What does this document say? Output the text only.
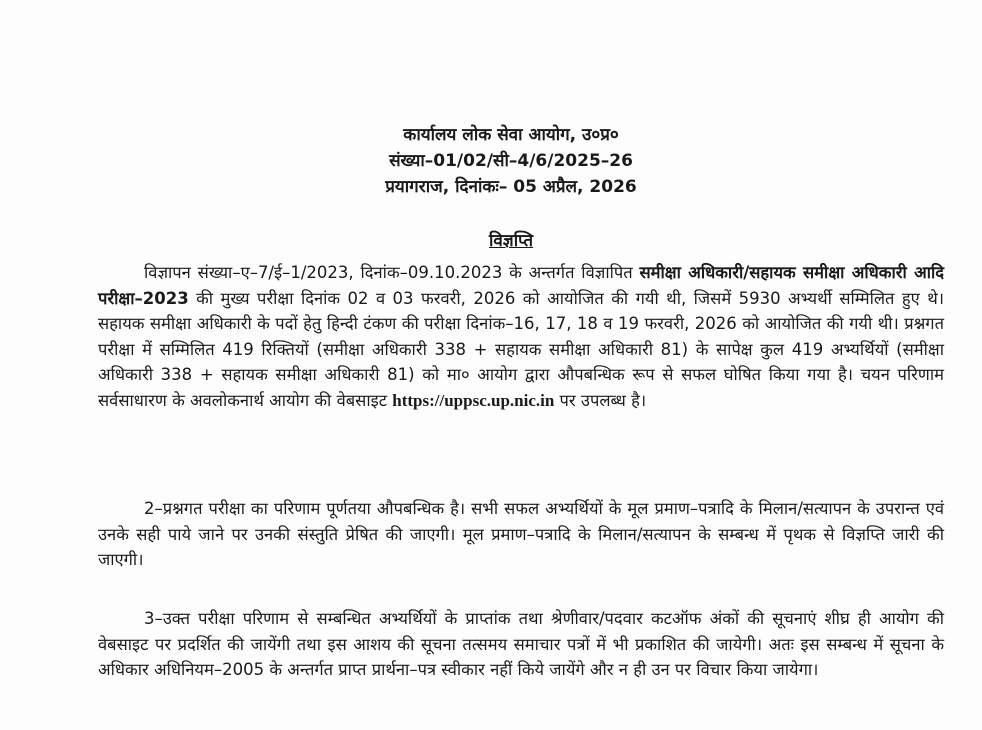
कार्यालय लोक सेवा आयोग, उ०प्र०
संख्या–01/02/सी–4/6/2025–26
प्रयागराज, दिनांकः– 05 अप्रैल, 2026
विज्ञप्ति

विज्ञापन संख्या–ए–7/ई–1/2023, दिनांक–09.10.2023 के अन्तर्गत विज्ञापित समीक्षा अधिकारी/सहायक समीक्षा अधिकारी आदि परीक्षा–2023 की मुख्य परीक्षा दिनांक 02 व 03 फरवरी, 2026 को आयोजित की गयी थी, जिसमें 5930 अभ्यर्थी सम्मिलित हुए थे। सहायक समीक्षा अधिकारी के पदों हेतु हिन्दी टंकण की परीक्षा दिनांक–16, 17, 18 व 19 फरवरी, 2026 को आयोजित की गयी थी। प्रश्नगत परीक्षा में सम्मिलित 419 रिक्तियों (समीक्षा अधिकारी 338 + सहायक समीक्षा अधिकारी 81) के सापेक्ष कुल 419 अभ्यर्थियों (समीक्षा अधिकारी 338 + सहायक समीक्षा अधिकारी 81) को मा० आयोग द्वारा औपबन्धिक रूप से सफल घोषित किया गया है। चयन परिणाम सर्वसाधारण के अवलोकनार्थ आयोग की वेबसाइट https://uppsc.up.nic.in पर उपलब्ध है।

2–प्रश्नगत परीक्षा का परिणाम पूर्णतया औपबन्धिक है। सभी सफल अभ्यर्थियों के मूल प्रमाण–पत्रादि के मिलान/सत्यापन के उपरान्त एवं उनके सही पाये जाने पर उनकी संस्तुति प्रेषित की जाएगी। मूल प्रमाण–पत्रादि के मिलान/सत्यापन के सम्बन्ध में पृथक से विज्ञप्ति जारी की जाएगी।

3–उक्त परीक्षा परिणाम से सम्बन्धित अभ्यर्थियों के प्राप्तांक तथा श्रेणीवार/पदवार कटऑफ अंकों की सूचनाएं शीघ्र ही आयोग की वेबसाइट पर प्रदर्शित की जायेंगी तथा इस आशय की सूचना तत्समय समाचार पत्रों में भी प्रकाशित की जायेगी। अतः इस सम्बन्ध में सूचना के अधिकार अधिनियम–2005 के अन्तर्गत प्राप्त प्रार्थना–पत्र स्वीकार नहीं किये जायेंगे और न ही उन पर विचार किया जायेगा।
